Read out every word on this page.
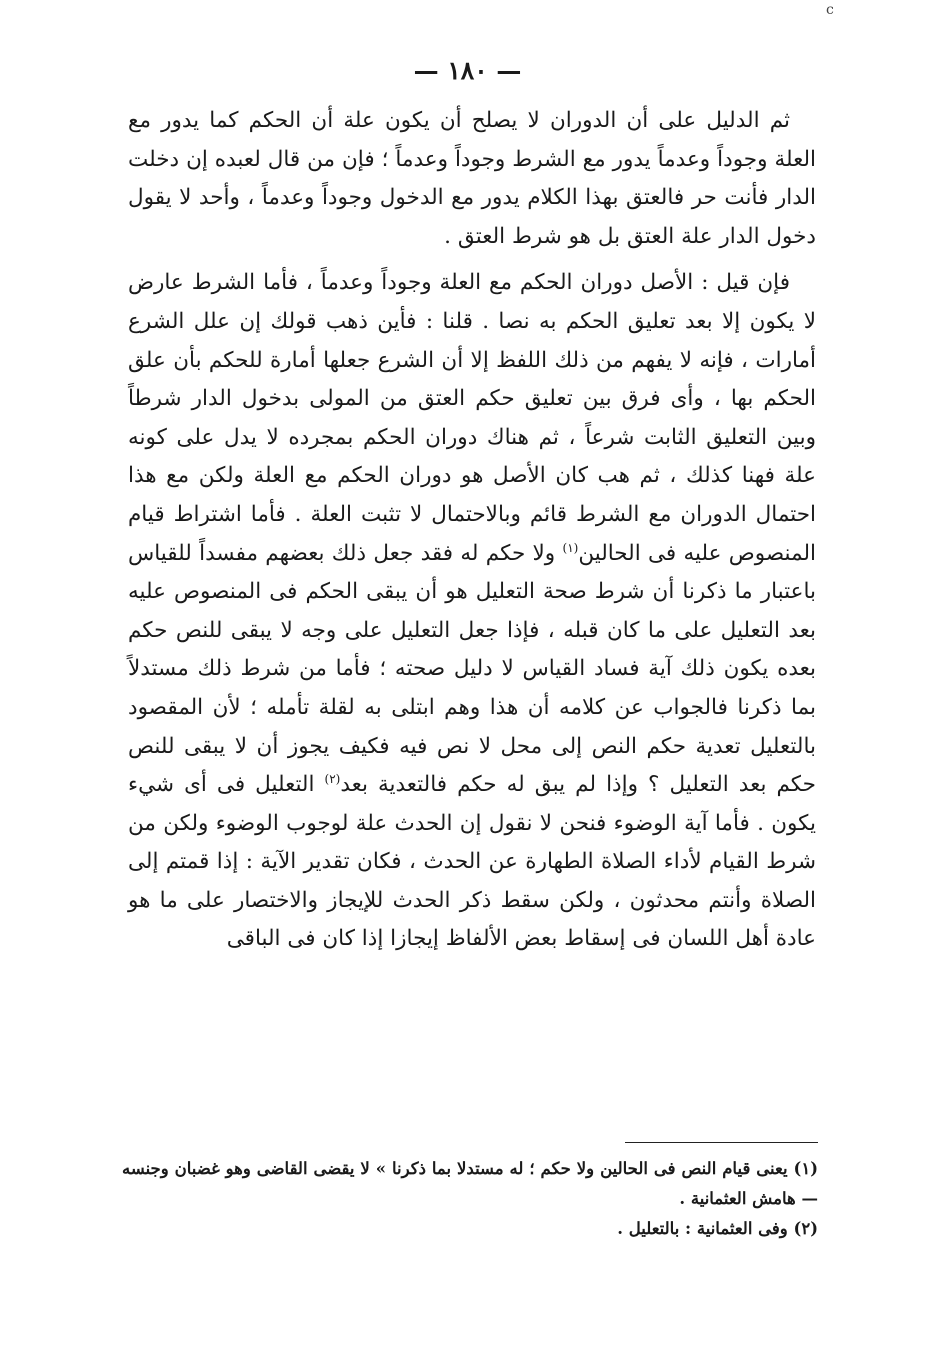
c
— ١٨٠ —

ثم الدليل على أن الدوران لا يصلح أن يكون علة أن الحكم كما يدور مع العلة وجوداً وعدماً يدور مع الشرط وجوداً وعدماً ؛ فإن من قال لعبده إن دخلت الدار فأنت حر فالعتق بهذا الكلام يدور مع الدخول وجوداً وعدماً ، وأحد لا يقول دخول الدار علة العتق بل هو شرط العتق .

فإن قيل : الأصل دوران الحكم مع العلة وجوداً وعدماً ، فأما الشرط عارض لا يكون إلا بعد تعليق الحكم به نصا . قلنا : فأين ذهب قولك إن علل الشرع أمارات ، فإنه لا يفهم من ذلك اللفظ إلا أن الشرع جعلها أمارة للحكم بأن علق الحكم بها ، وأى فرق بين تعليق حكم العتق من المولى بدخول الدار شرطاً وبين التعليق الثابت شرعاً ، ثم هناك دوران الحكم بمجرده لا يدل على كونه علة فهنا كذلك ، ثم هب كان الأصل هو دوران الحكم مع العلة ولكن مع هذا احتمال الدوران مع الشرط قائم وبالاحتمال لا تثبت العلة . فأما اشتراط قيام المنصوص عليه فى الحالين$^{(١)}$ ولا حكم له فقد جعل ذلك بعضهم مفسداً للقياس باعتبار ما ذكرنا أن شرط صحة التعليل هو أن يبقى الحكم فى المنصوص عليه بعد التعليل على ما كان قبله ، فإذا جعل التعليل على وجه لا يبقى للنص حكم بعده يكون ذلك آية فساد القياس لا دليل صحته ؛ فأما من شرط ذلك مستدلاً بما ذكرنا فالجواب عن كلامه أن هذا وهم ابتلى به لقلة تأمله ؛ لأن المقصود بالتعليل تعدية حكم النص إلى محل لا نص فيه فكيف يجوز أن لا يبقى للنص حكم بعد التعليل ؟ وإذا لم يبق له حكم فالتعدية بعد$^{(٢)}$ التعليل فى أى شيء يكون . فأما آية الوضوء فنحن لا نقول إن الحدث علة لوجوب الوضوء ولكن من شرط القيام لأداء الصلاة الطهارة عن الحدث ، فكان تقدير الآية : إذا قمتم إلى الصلاة وأنتم محدثون ، ولكن سقط ذكر الحدث للإيجاز والاختصار على ما هو عادة أهل اللسان فى إسقاط بعض الألفاظ إيجازا إذا كان فى الباقى

(١) يعنى قيام النص فى الحالين ولا حكم ؛ له مستدلا بما ذكرنا » لا يقضى القاضى وهو غضبان وجنسه — هامش العثمانية .

(٢) وفى العثمانية : بالتعليل .
